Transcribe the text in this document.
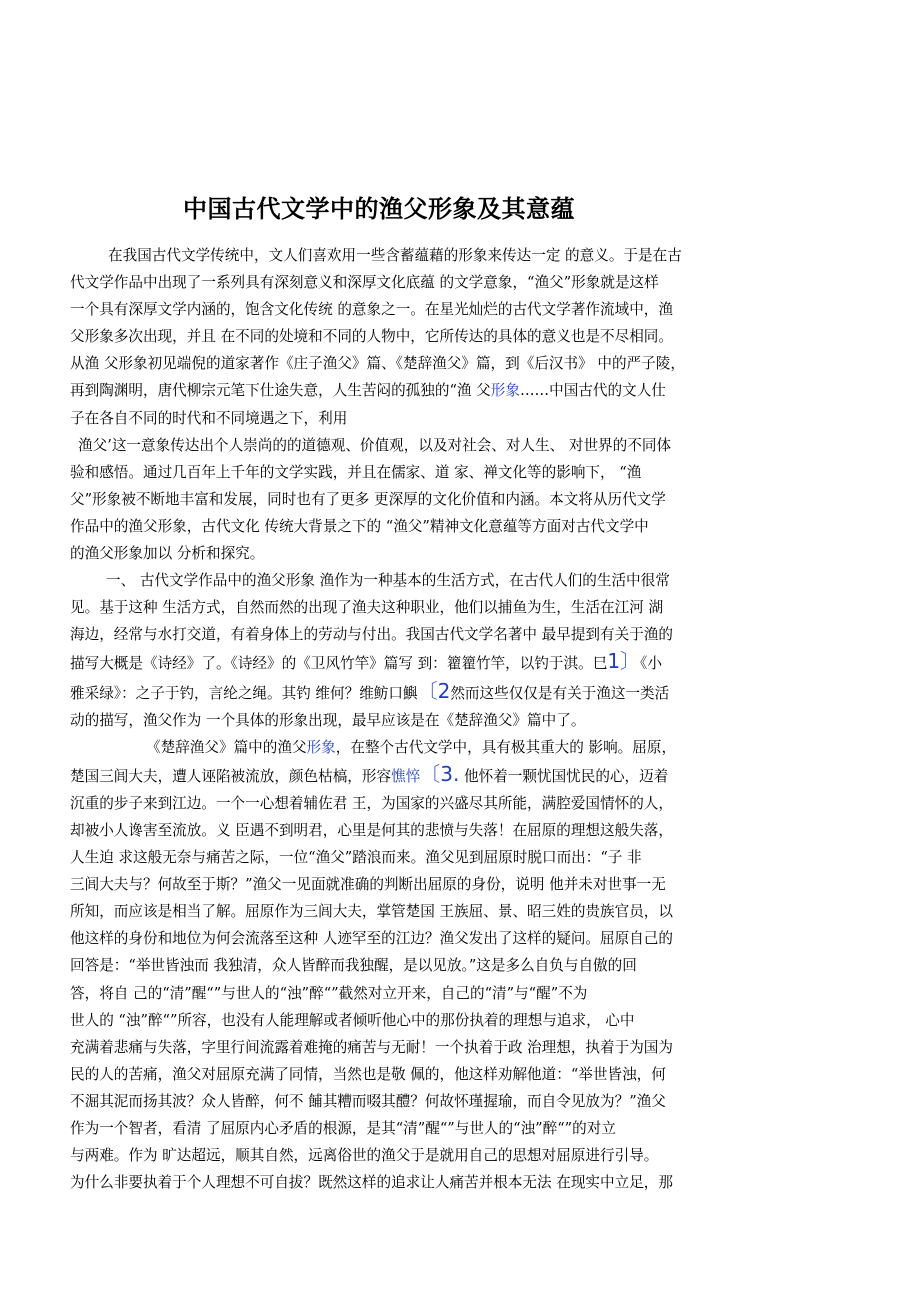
中国古代文学中的渔父形象及其意蕴
在我国古代文学传统中，文人们喜欢用一些含蓄蕴藉的形象来传达一定 的意义。于是在古
代文学作品中出现了一系列具有深刻意义和深厚文化底蕴 的文学意象，“渔父”形象就是这样
一个具有深厚文学内涵的，饱含文化传统 的意象之一。在星光灿烂的古代文学著作流域中，渔
父形象多次出现，并且 在不同的处境和不同的人物中，它所传达的具体的意义也是不尽相同。
从渔 父形象初见端倪的道家著作《庄子渔父》篇、《楚辞渔父》篇，到《后汉书》 中的严子陵，
再到陶渊明，唐代柳宗元笔下仕途失意，人生苦闷的孤独的“渔 父形象……中国古代的文人仕
子在各自不同的时代和不同境遇之下，利用
渔父’这一意象传达出个人崇尚的的道德观、价值观，以及对社会、对人生、 对世界的不同体
验和感悟。通过几百年上千年的文学实践，并且在儒家、道 家、禅文化等的影响下， “渔
父”形象被不断地丰富和发展，同时也有了更多 更深厚的文化价值和内涵。本文将从历代文学
作品中的渔父形象，古代文化 传统大背景之下的 “渔父”精神文化意蕴等方面对古代文学中
的渔父形象加以 分析和探究。
一、 古代文学作品中的渔父形象 渔作为一种基本的生活方式，在古代人们的生活中很常
见。基于这种 生活方式，自然而然的出现了渔夫这种职业，他们以捕鱼为生，生活在江河 湖
海边，经常与水打交道，有着身体上的劳动与付出。我国古代文学名著中 最早提到有关于渔的
描写大概是《诗经》了。《诗经》的《卫风竹竿》篇写 到：籊籊竹竿，以钓于淇。巳1〕《小
雅采绿》：之子于钓，言纶之绳。其钓 维何？维鲂口鱮〔2然而这些仅仅是有关于渔这一类活
动的描写，渔父作为 一个具体的形象出现，最早应该是在《楚辞渔父》篇中了。
《楚辞渔父》篇中的渔父形象，在整个古代文学中，具有极其重大的 影响。屈原，
楚国三闾大夫，遭人诬陷被流放，颜色枯槁，形容憔悴〔3. 他怀着一颗忧国忧民的心，迈着
沉重的步子来到江边。一个一心想着辅佐君 王，为国家的兴盛尽其所能，满腔爱国情怀的人，
却被小人谗害至流放。义 臣遇不到明君，心里是何其的悲愤与失落！在屈原的理想这般失落，
人生迫 求这般无奈与痛苦之际，一位“渔父”踏浪而来。渔父见到屈原时脱口而出：“子 非
三闾大夫与？何故至于斯？”渔父一见面就准确的判断出屈原的身份，说明 他并未对世事一无
所知，而应该是相当了解。屈原作为三闾大夫，掌管楚国 王族屈、景、昭三姓的贵族官员，以
他这样的身份和地位为何会流落至这种 人迹罕至的江边？渔父发出了这样的疑问。屈原自己的
回答是：“举世皆浊而 我独清，众人皆醉而我独醒，是以见放。”这是多么自负与自傲的回
答，将自 己的“清”醒“”与世人的“浊”醉“”截然对立开来，自己的“清”与“醒”不为
世人的 “浊”醉“”所容，也没有人能理解或者倾听他心中的那份执着的理想与追求， 心中
充满着悲痛与失落，字里行间流露着难掩的痛苦与无耐！一个执着于政 治理想，执着于为国为
民的人的苦痛，渔父对屈原充满了同情，当然也是敬 佩的，他这样劝解他道：“举世皆浊，何
不淈其泥而扬其波？众人皆醉，何不 餔其糟而啜其醴？何故怀瑾握瑜，而自令见放为？”渔父
作为一个智者，看清 了屈原内心矛盾的根源，是其“清”醒“”与世人的“浊”醉“”的对立
与两难。作为 旷达超远，顺其自然，远离俗世的渔父于是就用自己的思想对屈原进行引导。
为什么非要执着于个人理想不可自拔？既然这样的追求让人痛苦并根本无法 在现实中立足，那
